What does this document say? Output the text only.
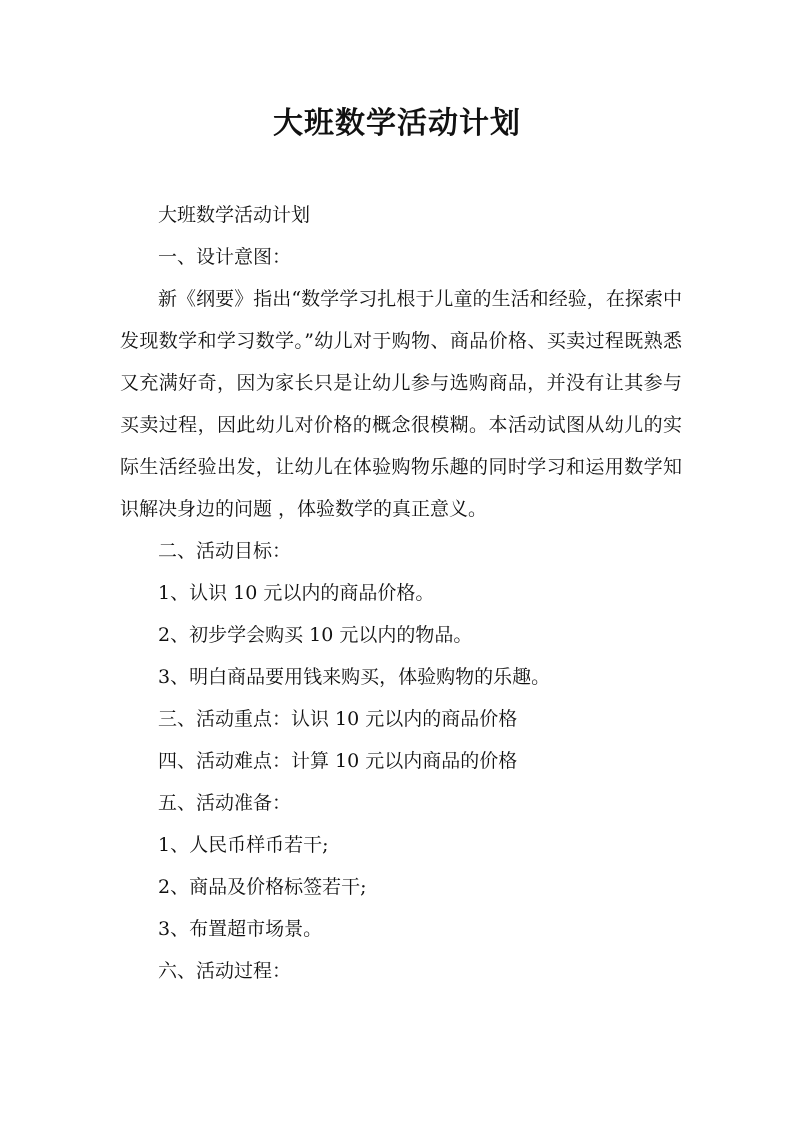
大班数学活动计划

大班数学活动计划

一、设计意图：

新《纲要》指出“数学学习扎根于儿童的生活和经验，在探索中发现数学和学习数学。”幼儿对于购物、商品价格、买卖过程既熟悉又充满好奇，因为家长只是让幼儿参与选购商品，并没有让其参与买卖过程，因此幼儿对价格的概念很模糊。本活动试图从幼儿的实际生活经验出发，让幼儿在体验购物乐趣的同时学习和运用数学知识解决身边的问题 ，体验数学的真正意义。

二、活动目标：

1、认识 10 元以内的商品价格。

2、初步学会购买 10 元以内的物品。

3、明白商品要用钱来购买，体验购物的乐趣。

三、活动重点：认识 10 元以内的商品价格

四、活动难点：计算 10 元以内商品的价格

五、活动准备：

1、人民币样币若干;

2、商品及价格标签若干;

3、布置超市场景。

六、活动过程：
